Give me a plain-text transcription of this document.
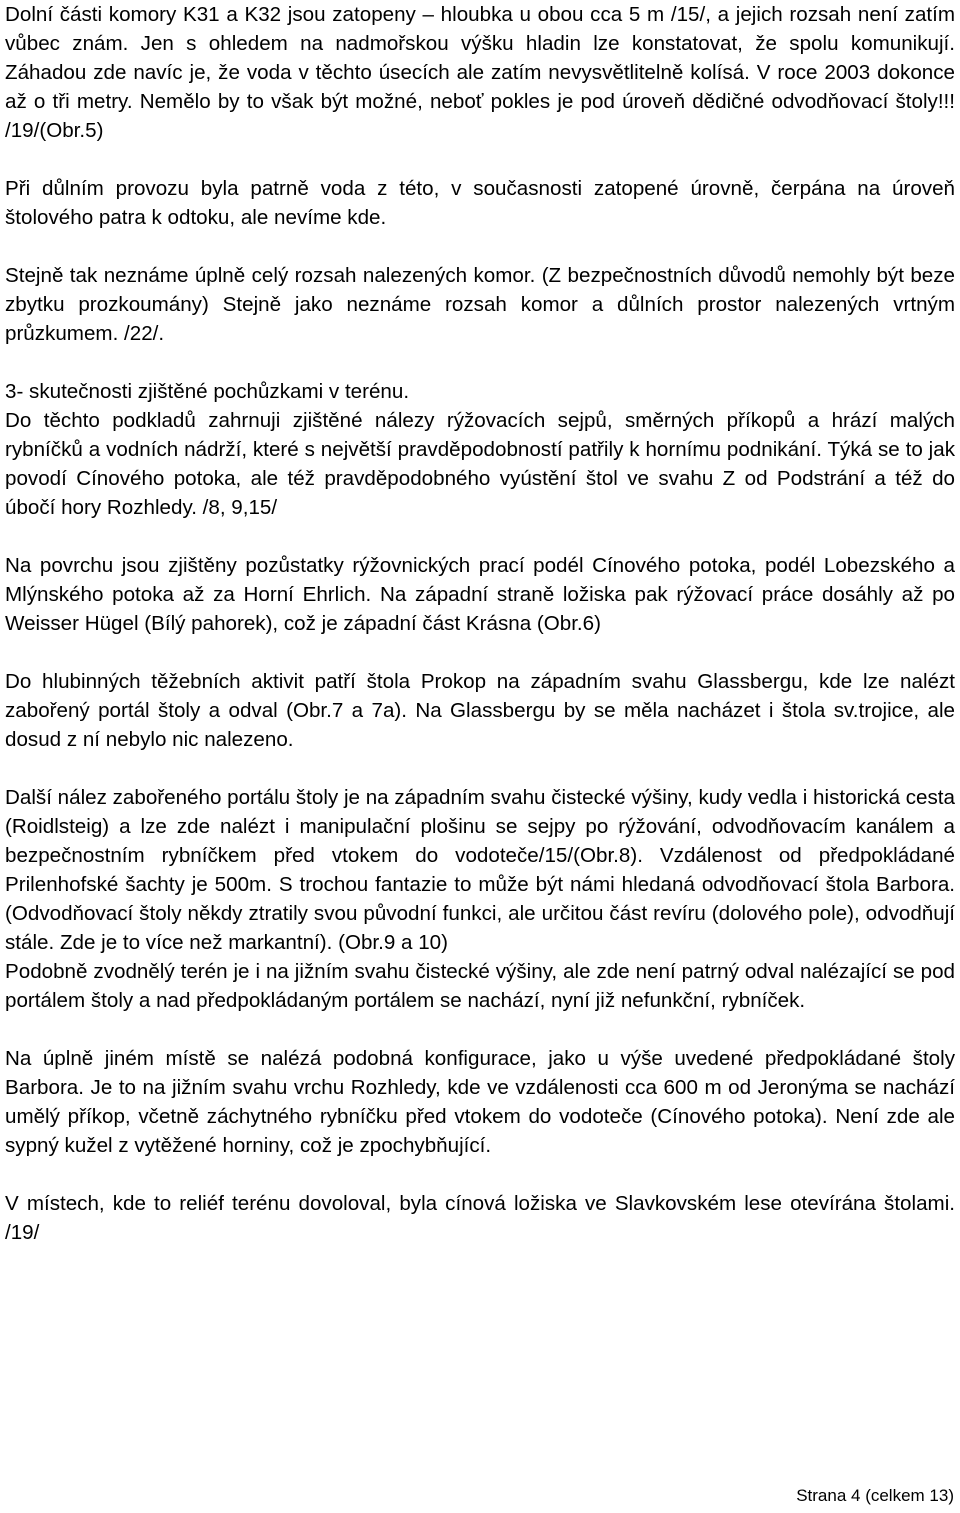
Dolní části komory K31 a K32 jsou zatopeny – hloubka u obou cca 5 m /15/, a jejich rozsah není zatím vůbec znám. Jen s ohledem na nadmořskou výšku hladin lze konstatovat, že spolu komunikují. Záhadou zde navíc je, že voda v těchto úsecích ale zatím nevysvětlitelně kolísá. V roce 2003 dokonce až o tři metry. Nemělo by to však být možné, neboť pokles je pod úroveň dědičné odvodňovací štoly!!! /19/(Obr.5)

Při důlním provozu byla patrně voda z této, v současnosti zatopené úrovně, čerpána na úroveň štolového patra k odtoku, ale nevíme kde.

Stejně tak neznáme úplně celý rozsah nalezených komor. (Z bezpečnostních důvodů nemohly být beze zbytku prozkoumány) Stejně jako neznáme rozsah komor a důlních prostor nalezených vrtným průzkumem. /22/.

3- skutečnosti zjištěné pochůzkami v terénu.

Do těchto podkladů zahrnuji zjištěné nálezy rýžovacích sejpů, směrných příkopů a hrází malých rybníčků a vodních nádrží, které s největší pravděpodobností patřily k hornímu podnikání. Týká se to jak povodí Cínového potoka, ale též pravděpodobného vyústění štol ve svahu Z od Podstrání a též do úbočí hory Rozhledy. /8, 9,15/

Na povrchu jsou zjištěny pozůstatky rýžovnických prací podél Cínového potoka, podél Lobezského a Mlýnského potoka až za Horní Ehrlich. Na západní straně ložiska pak rýžovací práce dosáhly až po Weisser Hügel (Bílý pahorek), což je západní část Krásna (Obr.6)

Do hlubinných těžebních aktivit patří štola Prokop na západním svahu Glassbergu, kde lze nalézt zabořený portál štoly a odval (Obr.7 a 7a). Na Glassbergu by se měla nacházet i štola sv.trojice, ale dosud z ní nebylo nic nalezeno.

Další nález zabořeného portálu štoly je na západním svahu čistecké výšiny, kudy vedla i historická cesta (Roidlsteig) a lze zde nalézt i manipulační plošinu se sejpy po rýžování, odvodňovacím kanálem a bezpečnostním rybníčkem před vtokem do vodoteče/15/(Obr.8). Vzdálenost od předpokládané Prilenhofské šachty je 500m. S trochou fantazie to může být námi hledaná odvodňovací štola Barbora. (Odvodňovací štoly někdy ztratily svou původní funkci, ale určitou část revíru (dolového pole), odvodňují stále. Zde je to více než markantní). (Obr.9 a 10)

Podobně zvodnělý terén je i na jižním svahu čistecké výšiny, ale zde není patrný odval nalézající se pod portálem štoly a nad předpokládaným portálem se nachází, nyní již nefunkční, rybníček.

Na úplně jiném místě se nalézá podobná konfigurace, jako u výše uvedené předpokládané štoly Barbora. Je to na jižním svahu vrchu Rozhledy, kde ve vzdálenosti cca 600 m od Jeronýma se nachází umělý příkop, včetně záchytného rybníčku před vtokem do vodoteče (Cínového potoka). Není zde ale sypný kužel z vytěžené horniny, což je zpochybňující.

V místech, kde to reliéf terénu dovoloval, byla cínová ložiska ve Slavkovském lese otevírána štolami. /19/

Strana 4 (celkem 13)
